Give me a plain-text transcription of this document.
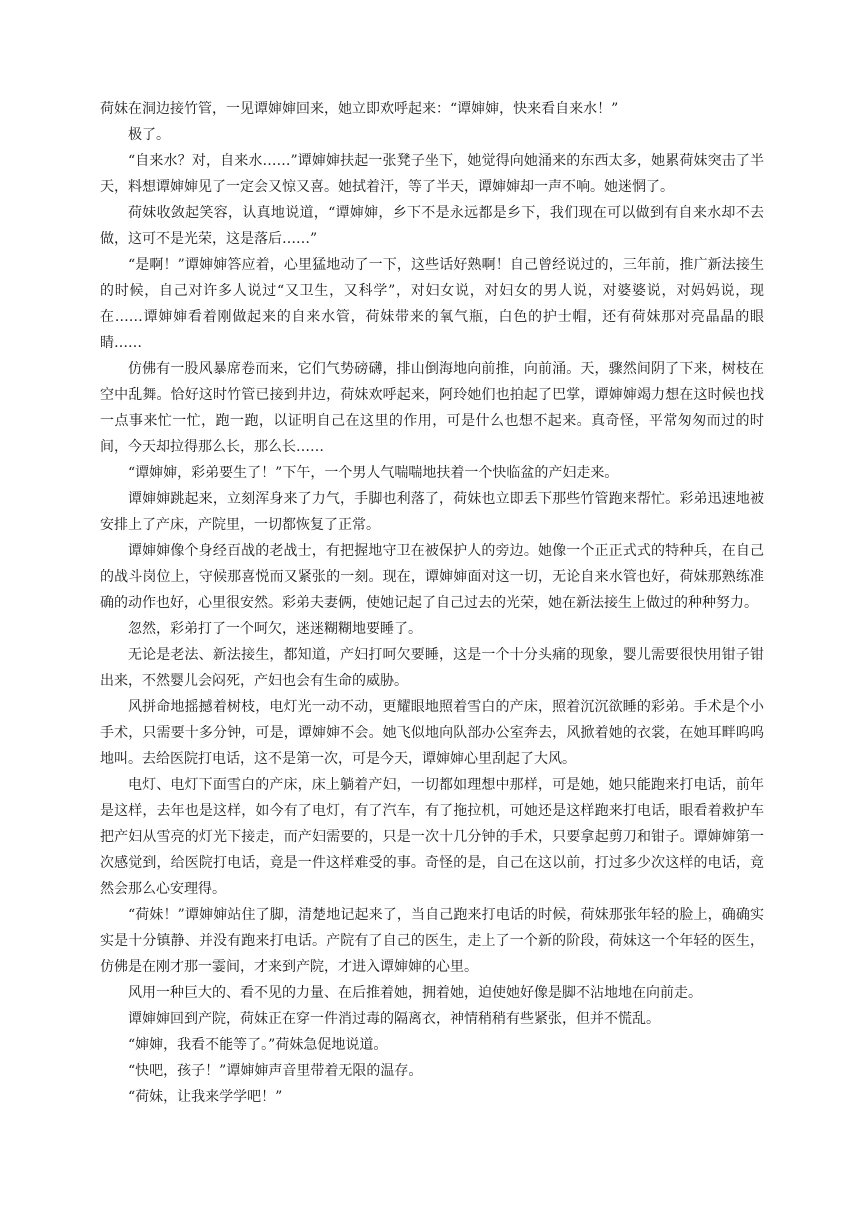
荷妹在洞边接竹管，一见谭婶婶回来，她立即欢呼起来：“谭婶婶，快来看自来水！”

极了。

“自来水？对，自来水……”谭婶婶扶起一张凳子坐下，她觉得向她涌来的东西太多，她累荷妹突击了半天，料想谭婶婶见了一定会又惊又喜。她拭着汗，等了半天，谭婶婶却一声不响。她迷惘了。

荷妹收敛起笑容，认真地说道，“谭婶婶，乡下不是永远都是乡下，我们现在可以做到有自来水却不去做，这可不是光荣，这是落后……”

“是啊！”谭婶婶答应着，心里猛地动了一下，这些话好熟啊！自己曾经说过的，三年前，推广新法接生的时候，自己对许多人说过“又卫生，又科学”，对妇女说，对妇女的男人说，对婆婆说，对妈妈说，现在……谭婶婶看着刚做起来的自来水管，荷妹带来的氧气瓶，白色的护士帽，还有荷妹那对亮晶晶的眼睛……

仿佛有一股风暴席卷而来，它们气势磅礴，排山倒海地向前推，向前涌。天，骤然间阴了下来，树枝在空中乱舞。恰好这时竹管已接到井边，荷妹欢呼起来，阿玲她们也拍起了巴掌，谭婶婶竭力想在这时候也找一点事来忙一忙，跑一跑，以证明自己在这里的作用，可是什么也想不起来。真奇怪，平常匆匆而过的时间，今天却拉得那么长，那么长……

“谭婶婶，彩弟要生了！”下午，一个男人气喘喘地扶着一个快临盆的产妇走来。

谭婶婶跳起来，立刻浑身来了力气，手脚也利落了，荷妹也立即丢下那些竹管跑来帮忙。彩弟迅速地被安排上了产床，产院里，一切都恢复了正常。

谭婶婶像个身经百战的老战士，有把握地守卫在被保护人的旁边。她像一个正正式式的特种兵，在自己的战斗岗位上，守候那喜悦而又紧张的一刻。现在，谭婶婶面对这一切，无论自来水管也好，荷妹那熟练准确的动作也好，心里很安然。彩弟夫妻俩，使她记起了自己过去的光荣，她在新法接生上做过的种种努力。

忽然，彩弟打了一个呵欠，迷迷糊糊地要睡了。

无论是老法、新法接生，都知道，产妇打呵欠要睡，这是一个十分头痛的现象，婴儿需要很快用钳子钳出来，不然婴儿会闷死，产妇也会有生命的威胁。

风拼命地摇撼着树枝，电灯光一动不动，更耀眼地照着雪白的产床，照着沉沉欲睡的彩弟。手术是个小手术，只需要十多分钟，可是，谭婶婶不会。她飞似地向队部办公室奔去，风掀着她的衣裳，在她耳畔呜呜地叫。去给医院打电话，这不是第一次，可是今天，谭婶婶心里刮起了大风。

电灯、电灯下面雪白的产床，床上躺着产妇，一切都如理想中那样，可是她，她只能跑来打电话，前年是这样，去年也是这样，如今有了电灯，有了汽车，有了拖拉机，可她还是这样跑来打电话，眼看着救护车把产妇从雪亮的灯光下接走，而产妇需要的，只是一次十几分钟的手术，只要拿起剪刀和钳子。谭婶婶第一次感觉到，给医院打电话，竟是一件这样难受的事。奇怪的是，自己在这以前，打过多少次这样的电话，竟然会那么心安理得。

“荷妹！”谭婶婶站住了脚，清楚地记起来了，当自己跑来打电话的时候，荷妹那张年轻的脸上，确确实实是十分镇静、并没有跑来打电话。产院有了自己的医生，走上了一个新的阶段，荷妹这一个年轻的医生，仿佛是在刚才那一霎间，才来到产院，才进入谭婶婶的心里。

风用一种巨大的、看不见的力量、在后推着她，拥着她，迫使她好像是脚不沾地地在向前走。

谭婶婶回到产院，荷妹正在穿一件消过毒的隔离衣，神情稍稍有些紧张，但并不慌乱。

“婶婶，我看不能等了。”荷妹急促地说道。

“快吧，孩子！”谭婶婶声音里带着无限的温存。

“荷妹，让我来学学吧！”
